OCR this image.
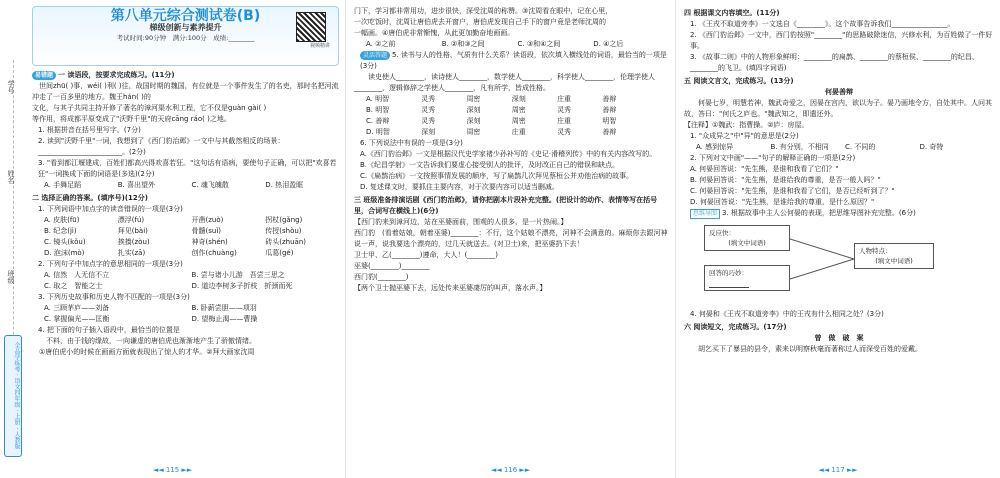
学号
姓名
班级
全品学练考 · 语文四年级 · 上册 · 人教版
第八单元综合测试卷(B)
梯级创新与素养提升
考试时间:90分钟　满分:100分　成绩:________
视频精讲
易错题 一 读语段，按要求完成练习。(11分)
　世间zhū( )事，wéi( )利( )往，战国时期的魏国，有位就是一个事件发生了的名吏，那时名把河流冲走了一百多里的地方。魏王hán( )的
文化，与其子共同主持开修了著名的漳河渠水利工程，它不仅是guàn gài( )
等作用，将成都平原变成了"沃野千里"的天府cāng ráo( )之地。
1. 根据拼音在括号里写字。(7分)
2. 读到"沃野千里"一词，我想到了《西门豹治邺》一文中与其截然相反的场景：________________________。(2分)
3. "看到都江堰建成，百姓们都高兴得欢喜若狂。"这句话有语病，要使句子正确，可以把"欢喜若狂"一词换成下面的词语是(多选)(2分)
A. 手舞足蹈	B. 喜出望外	C. 魂飞魄散	D. 热泪盈眶
二 选择正确的答案。(填序号)(12分)
1. 下列词语中加点字的读音错误的一项是(3分)
A. 皮肤(fū)	漂浮(fú)	开凿(zuò)	拐杖(gǎng)
B. 纪念(jì)	拜见(bài)	骨髓(suǐ)	传授(shòu)
C. 镜头(kǒu)	挨揍(zòu)	神奇(shén)	砖头(zhuān)
D. 泡沫(mò)	扎实(zā)	创作(chuàng)	瓜葛(gé)
2. 下列句子中加点字的意思相同的一项是(3分)
A. 信然　人无信不立	B. 尝与诸小儿游　吾尝三思之
C. 取之　智能之士	D. 道边李树多子折枝　折颈而死
3. 下列历史故事和历史人物不匹配的一项是(3分)
A. 三顾茅庐——刘备	B. 卧薪尝胆——项羽
C. 掌握偏光——匡衡	D. 望梅止渴——曹操
4. 把下面的句子插入语段中，最恰当的位置是
不料，由于钱的缘故，一向谦虚的唐伯虎也渐渐地产生了骄傲情绪。
　①唐伯虎小的时候在画画方面就表现出了惊人的才华。②拜大画家沈周
◄◄ 115 ►►
门下，学习都非常用功，进步很快，深受沈周的称赞。③沈周看在眼中，记在心里，
一次吃饭时，沈周让唐伯虎去开窗户，唐伯虎发现自己手下的窗户竟是老师沈周的
一幅画。④唐伯虎非常惭愧，从此更加勤奋地画画。
A. ②之前	B. ②和③之间	C. ③和④之间	D. ④之后
灵活答题 5. 读书与人的性格、气质有什么关系？读语段，依次填入横线处的词语，最恰当的一项是(3分)
　　读史使人________，读诗使人________，数学使人________，科学使人________，伦理学使人________，逻辑修辞之学使人________，凡有所学，皆成性格。
A. 明智	灵秀	周密	深刻	庄重	善辩
B. 明智	灵秀	深刻	周密	灵秀	善辩
C. 善辩	灵秀	深刻	周密	庄重	明智
D. 明智	深刻	周密	庄重	灵秀	善辩
6. 下列说法中有误的一项是(3分)
A.《西门豹治邺》一文是根据汉代史学家褚少孙补写的《史记·滑稽列传》中的有关内容改写的。
B.《纪昌学射》一文告诉我们要虚心接受别人的批评，及时改正自己的错误和缺点。
C.《扁鹊治病》一文按照事情发展的顺序，写了扁鹊几次拜见蔡桓公并劝他治病的故事。
D. 复述课文时，要抓住主要内容，对于次要内容可以适当删减。
三 班级准备排演话剧《西门豹治邺》，请你把剧本片段补充完整。(把设计的动作、表情等写在括号里，合词写在横线上)(6分)
【西门豹来到漳河边，站在巫婆面前，围观的人很多，是一片热闹。】
西门豹　(看着姑娘，朝着巫婆)________：不行，这个姑娘不漂亮，河神不会满意的。麻烦你去跟河神说一声，说我要选个漂亮的，过几天就送去。(对卫士)来，把巫婆扔下去！
卫士甲、乙(________)遵命，大人！(________)
巫婆(________)________
西门豹(________)
【两个卫士抛巫婆下去，远处传来巫婆凄厉的叫声，落水声。】
◄◄ 116 ►►
四 根据课文内容填空。(11分)
1. 《王戎不取道旁李》一文选自《________》。这个故事告诉我们________________。
2. 《西门豹治邺》一文中，西门豹按照"________"的思路破除迷信，兴修水利，为百姓做了一件好事。
3. 《故事二则》中的人物形象鲜明：________的扁鹊、________的蔡桓侯、________的纪昌、________的飞卫。(填四字词语)
五 阅读文言文，完成练习。(13分)
何晏善辩
　　何晏七岁，明慧若神，魏武奇爱之，因晏在宫内，欲以为子。晏乃画地令方，自处其中。人问其故，答曰："何氏之庐也。"魏武知之，即遣还外。
【注释】①魏武：指曹操。②庐：房屋。
1. "众成异之"中"异"的意思是(2分)
A. 感到惊异	B. 有分别，不相同	C. 不同的	D. 奇特
2. 下列对文中画"——"句子的解释正确的一项是(2分)
A. 何晏回答说："先生熊，是谁和我看了它们？"
B. 何晏回答说："先生熊，是谁给我的尊重，是否一般人吗？"
C. 何晏回答说："先生熊，是谁和我看了它们，是否已经听到了？"
D. 何晏回答说："先生熊，是谁给我的尊重，是什么原因？"
思维导图 3. 根据故事中主人公何晏的表现，把思维导图补充完整。(6分)
反应快：
(填文中词语)
回答的巧妙：
人物特点：
(填文中词语)
4. 何晏和《王戎不取道旁李》中的王戎有什么相同之处？(3分)
六 阅读短文，完成练习。(17分)
曾　做　破　案
　　胡乞买下了暴县的县令，素来以明察秋毫而著称过人而深受百姓的爱戴。
◄◄ 117 ►►
